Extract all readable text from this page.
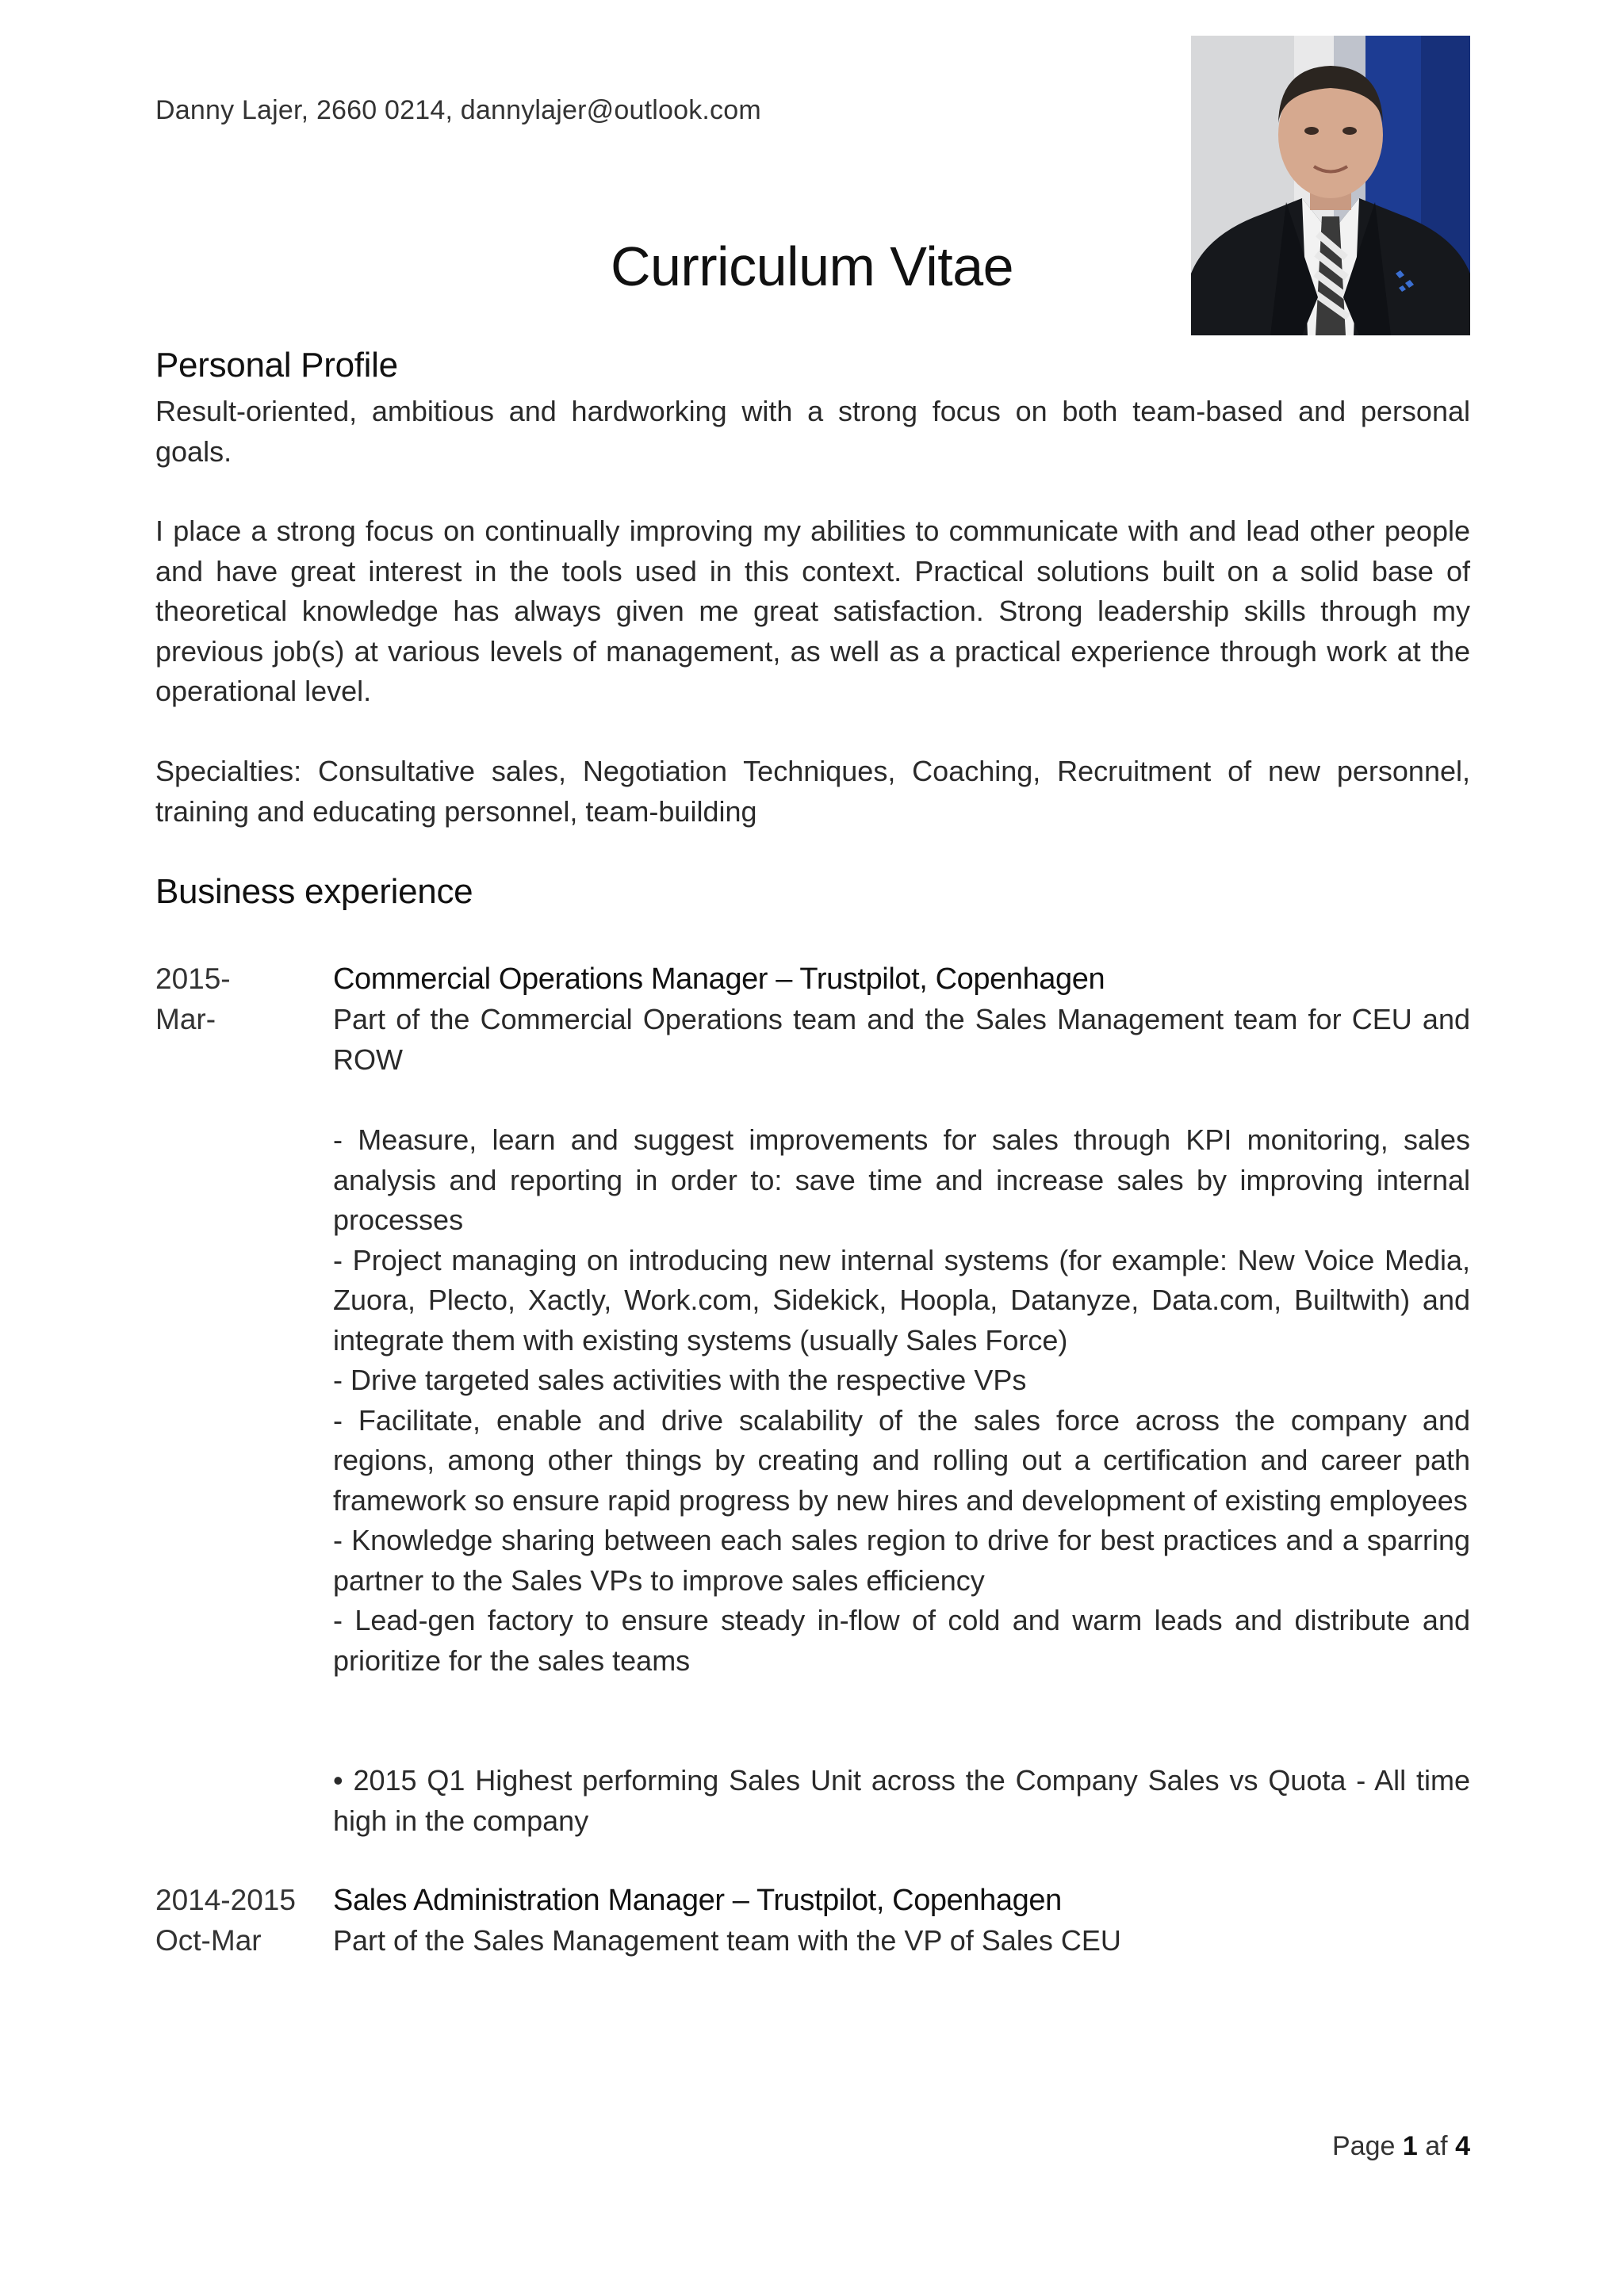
Danny Lajer, 2660 0214, dannylajer@outlook.com
Curriculum Vitae
Personal Profile

Result-oriented, ambitious and hardworking with a strong focus on both team-based and personal goals.

I place a strong focus on continually improving my abilities to communicate with and lead other people and have great interest in the tools used in this context. Practical solutions built on a solid base of theoretical knowledge has always given me great satisfaction. Strong leadership skills through my previous job(s) at various levels of management, as well as a practical experience through work at the operational level.

Specialties: Consultative sales, Negotiation Techniques, Coaching, Recruitment of new personnel, training and educating personnel, team-building

Business experience
2015-
Mar-
Commercial Operations Manager – Trustpilot, Copenhagen

Part of the Commercial Operations team and the Sales Management team for CEU and ROW

- Measure, learn and suggest improvements for sales through KPI monitoring, sales analysis and reporting in order to: save time and increase sales by improving internal processes
- Project managing on introducing new internal systems (for example: New Voice Media, Zuora, Plecto, Xactly, Work.com, Sidekick, Hoopla, Datanyze, Data.com, Builtwith) and integrate them with existing systems (usually Sales Force)
- Drive targeted sales activities with the respective VPs
- Facilitate, enable and drive scalability of the sales force across the company and regions, among other things by creating and rolling out a certification and career path framework so ensure rapid progress by new hires and development of existing employees
- Knowledge sharing between each sales region to drive for best practices and a sparring partner to the Sales VPs to improve sales efficiency
- Lead-gen factory to ensure steady in-flow of cold and warm leads and distribute and prioritize for the sales teams

• 2015 Q1 Highest performing Sales Unit across the Company Sales vs Quota - All time high in the company

2014-2015
Oct-Mar
Sales Administration Manager – Trustpilot, Copenhagen

Part of the Sales Management team with the VP of Sales CEU

Page 1 af 4
